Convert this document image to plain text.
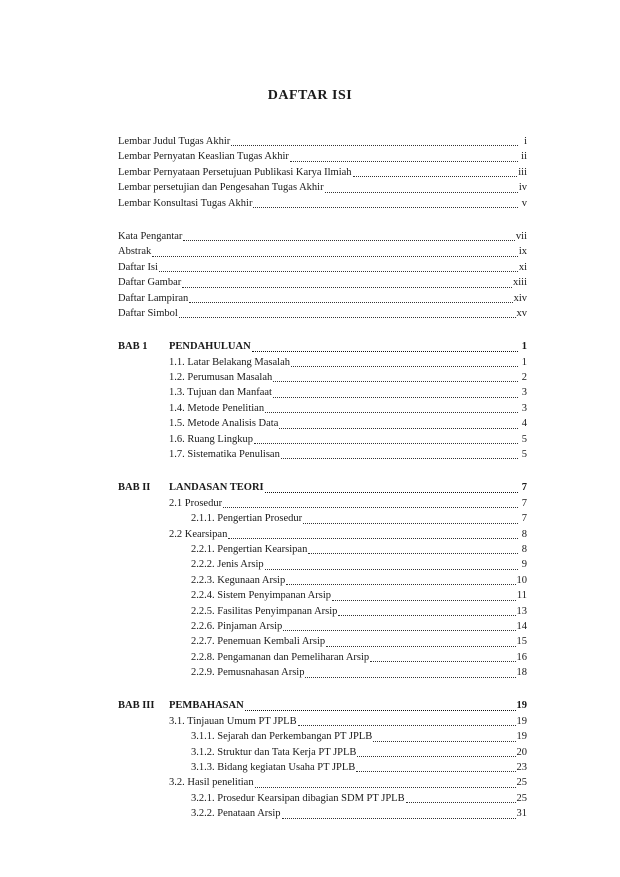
DAFTAR ISI
Lembar Judul Tugas Akhir	i
Lembar Pernyatan Keaslian Tugas Akhir	ii
Lembar Pernyataan Persetujuan Publikasi Karya Ilmiah	iii
Lembar persetujian dan Pengesahan Tugas Akhir	iv
Lembar Konsultasi Tugas Akhir	v
Kata Pengantar	vii
Abstrak	ix
Daftar Isi	xi
Daftar Gambar	xiii
Daftar Lampiran	xiv
Daftar Simbol	xv
BAB 1	PENDAHULUAN	1
1.1. Latar Belakang Masalah	1
1.2. Perumusan Masalah	2
1.3. Tujuan dan Manfaat	3
1.4. Metode Penelitian	3
1.5. Metode Analisis Data	4
1.6. Ruang Lingkup	5
1.7. Sistematika Penulisan	5
BAB II	LANDASAN TEORI	7
2.1 Prosedur	7
2.1.1. Pengertian Prosedur	7
2.2 Kearsipan	8
2.2.1. Pengertian Kearsipan	8
2.2.2. Jenis Arsip	9
2.2.3. Kegunaan Arsip	10
2.2.4. Sistem Penyimpanan Arsip	11
2.2.5. Fasilitas Penyimpanan Arsip	13
2.2.6. Pinjaman Arsip	14
2.2.7. Penemuan Kembali Arsip	15
2.2.8. Pengamanan dan Pemeliharan Arsip	16
2.2.9. Pemusnahasan Arsip	18
BAB III	PEMBAHASAN	19
3.1. Tinjauan Umum PT JPLB	19
3.1.1. Sejarah dan Perkembangan PT JPLB	19
3.1.2. Struktur dan Tata Kerja PT JPLB	20
3.1.3. Bidang kegiatan Usaha PT JPLB	23
3.2. Hasil penelitian	25
3.2.1. Prosedur Kearsipan dibagian SDM PT JPLB	25
3.2.2. Penataan Arsip	31
